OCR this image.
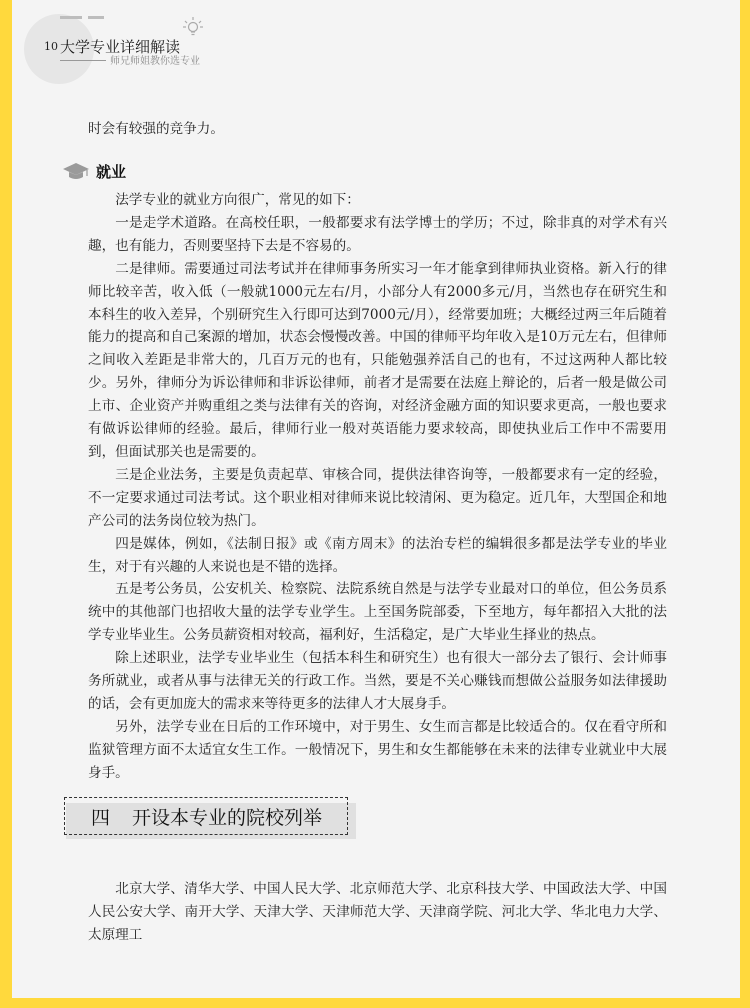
10 大学专业详细解读
师兄师姐教你选专业

时会有较强的竞争力。

就业

法学专业的就业方向很广，常见的如下：

一是走学术道路。在高校任职，一般都要求有法学博士的学历；不过，除非真的对学术有兴趣，也有能力，否则要坚持下去是不容易的。

二是律师。需要通过司法考试并在律师事务所实习一年才能拿到律师执业资格。新入行的律师比较辛苦，收入低（一般就1000元左右/月，小部分人有2000多元/月，当然也存在研究生和本科生的收入差异，个别研究生入行即可达到7000元/月），经常要加班；大概经过两三年后随着能力的提高和自己案源的增加，状态会慢慢改善。中国的律师平均年收入是10万元左右，但律师之间收入差距是非常大的，几百万元的也有，只能勉强养活自己的也有，不过这两种人都比较少。另外，律师分为诉讼律师和非诉讼律师，前者才是需要在法庭上辩论的，后者一般是做公司上市、企业资产并购重组之类与法律有关的咨询，对经济金融方面的知识要求更高，一般也要求有做诉讼律师的经验。最后，律师行业一般对英语能力要求较高，即使执业后工作中不需要用到，但面试那关也是需要的。

三是企业法务，主要是负责起草、审核合同，提供法律咨询等，一般都要求有一定的经验，不一定要求通过司法考试。这个职业相对律师来说比较清闲、更为稳定。近几年，大型国企和地产公司的法务岗位较为热门。

四是媒体，例如，《法制日报》或《南方周末》的法治专栏的编辑很多都是法学专业的毕业生，对于有兴趣的人来说也是不错的选择。

五是考公务员，公安机关、检察院、法院系统自然是与法学专业最对口的单位，但公务员系统中的其他部门也招收大量的法学专业学生。上至国务院部委，下至地方，每年都招入大批的法学专业毕业生。公务员薪资相对较高，福利好，生活稳定，是广大毕业生择业的热点。

除上述职业，法学专业毕业生（包括本科生和研究生）也有很大一部分去了银行、会计师事务所就业，或者从事与法律无关的行政工作。当然，要是不关心赚钱而想做公益服务如法律援助的话，会有更加庞大的需求来等待更多的法律人才大展身手。

另外，法学专业在日后的工作环境中，对于男生、女生而言都是比较适合的。仅在看守所和监狱管理方面不太适宜女生工作。一般情况下，男生和女生都能够在未来的法律专业就业中大展身手。

四 开设本专业的院校列举

北京大学、清华大学、中国人民大学、北京师范大学、北京科技大学、中国政法大学、中国人民公安大学、南开大学、天津大学、天津师范大学、天津商学院、河北大学、华北电力大学、太原理工
